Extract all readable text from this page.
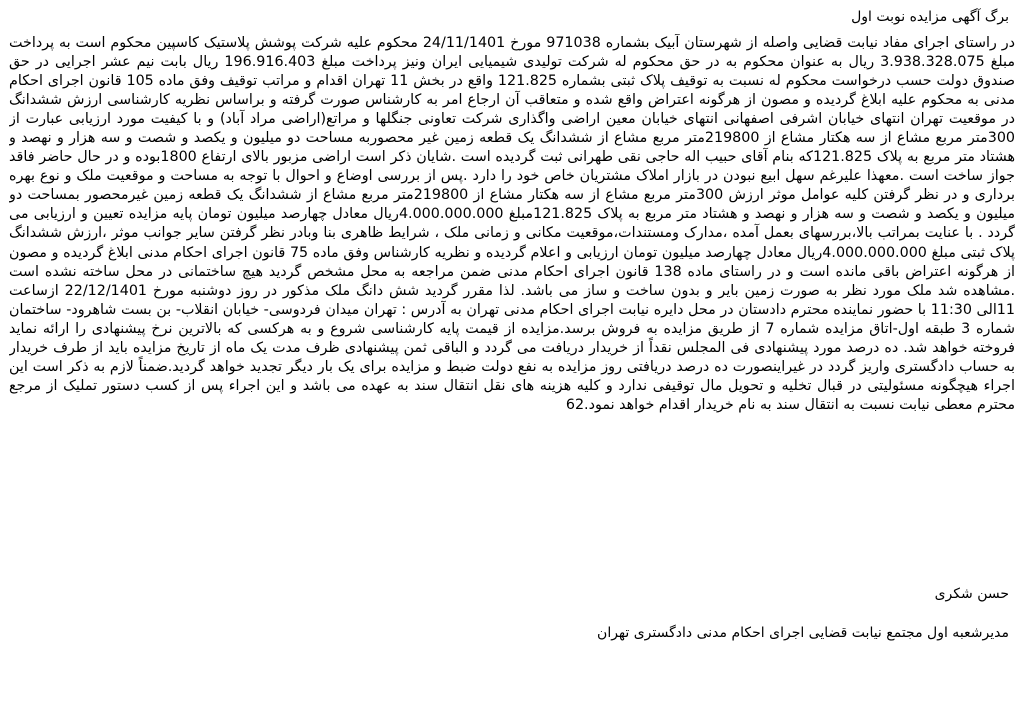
برگ آگهی مزایده نوبت اول

در راستای اجرای مفاد نیابت قضایی واصله از شهرستان آبیک بشماره 971038 مورخ 24/11/1401 محکوم علیه شرکت پوشش پلاستیک کاسپین محکوم است به پرداخت مبلغ 3.938.328.075 ریال به عنوان محکوم به در حق محکوم له شرکت تولیدی شیمیایی ایران ونیز پرداخت مبلغ 196.916.403 ریال بابت نیم عشر اجرایی در حق صندوق دولت حسب درخواست محکوم له نسبت به توقیف پلاک ثبتی بشماره 121.825 واقع در بخش 11 تهران اقدام و مراتب توقیف وفق ماده 105 قانون اجرای احکام مدنی به محکوم علیه ابلاغ گردیده و مصون از هرگونه اعتراض واقع شده و متعاقب آن ارجاع امر به کارشناس صورت گرفته و براساس نظریه کارشناسی ارزش ششدانگ در موقعیت تهران انتهای خیابان اشرفی اصفهانی انتهای خیابان معین اراضی واگذاری شرکت تعاونی جنگلها و مراتع(اراضی مراد آباد) و با کیفیت مورد ارزیابی عبارت از 300متر مربع مشاع از سه هکتار مشاع از 219800متر مربع مشاع از ششدانگ یک قطعه زمین غیر محصوربه مساحت دو میلیون و یکصد و شصت و سه هزار و نهصد و هشتاد متر مربع به پلاک 121.825که بنام آقای حبیب اله حاجی نقی طهرانی ثبت گردیده است .شایان ذکر است اراضی مزبور بالای ارتفاع 1800بوده و در حال حاضر فاقد جواز ساخت است .معهذا علیرغم سهل ابیع نبودن در بازار املاک مشتریان خاص خود را دارد .پس از بررسی اوضاع و احوال با توجه به مساحت و موقعیت ملک و نوع بهره برداری و در نظر گرفتن کلیه عوامل موثر ارزش 300متر مربع مشاع از سه هکتار مشاع از 219800متر مربع مشاع از ششدانگ یک قطعه زمین غیرمحصور بمساحت دو میلیون و یکصد و شصت و سه هزار و نهصد و هشتاد متر مربع به پلاک 121.825مبلغ 4.000.000.000ریال معادل چهارصد میلیون تومان پایه مزایده تعیین و ارزیابی می گردد . با عنایت بمراتب بالا،بررسهای بعمل آمده ،مدارک ومستندات،موقعیت مکانی و زمانی ملک ، شرایط ظاهری بنا وبادر نظر گرفتن سایر جوانب موثر ،ارزش ششدانگ پلاک ثبتی مبلغ 4.000.000.000ریال معادل چهارصد میلیون تومان ارزیابی و اعلام گردیده و نظریه کارشناس وفق ماده 75 قانون اجرای احکام مدنی ابلاغ گردیده و مصون از هرگونه اعتراض باقی مانده است و در راستای ماده 138 قانون اجرای احکام مدنی ضمن مراجعه به محل مشخص گردید هیچ ساختمانی در محل ساخته نشده است .مشاهده شد ملک مورد نظر به صورت زمین بایر و بدون ساخت و ساز می باشد. لذا مقرر گردید شش دانگ ملک مذکور در روز دوشنبه مورخ 22/12/1401 ازساعت 11الی 11:30 با حضور نماینده محترم دادستان در محل دایره نیابت اجرای احکام مدنی تهران به آدرس : تهران میدان فردوسی- خیابان انقلاب- بن بست شاهرود- ساختمان شماره 3 طبقه اول-اتاق مزایده شماره 7 از طریق مزایده به فروش برسد.مزایده از قیمت پایه کارشناسی شروع و به هرکسی که بالاترین نرخ پیشنهادی را ارائه نماید فروخته خواهد شد. ده درصد مورد پیشنهادی فی المجلس نقداً از خریدار دریافت می گردد و الباقی ثمن پیشنهادی ظرف مدت یک ماه از تاریخ مزایده باید از طرف خریدار به حساب دادگستری واریز گردد در غیراینصورت ده درصد دریافتی روز مزایده به نفع دولت ضبط و مزایده برای یک بار دیگر تجدید خواهد گردید.ضمناً لازم به ذکر است این اجراء هیچگونه مسئولیتی در قبال تخلیه و تحویل مال توقیفی ندارد و کلیه هزینه های نقل انتقال سند به عهده می باشد و این اجراء پس از کسب دستور تملیک از مرجع محترم معطی نیابت نسبت به انتقال سند به نام خریدار اقدام خواهد نمود.62

حسن شکری
مدیرشعبه اول مجتمع نیابت قضایی اجرای احکام مدنی دادگستری تهران
